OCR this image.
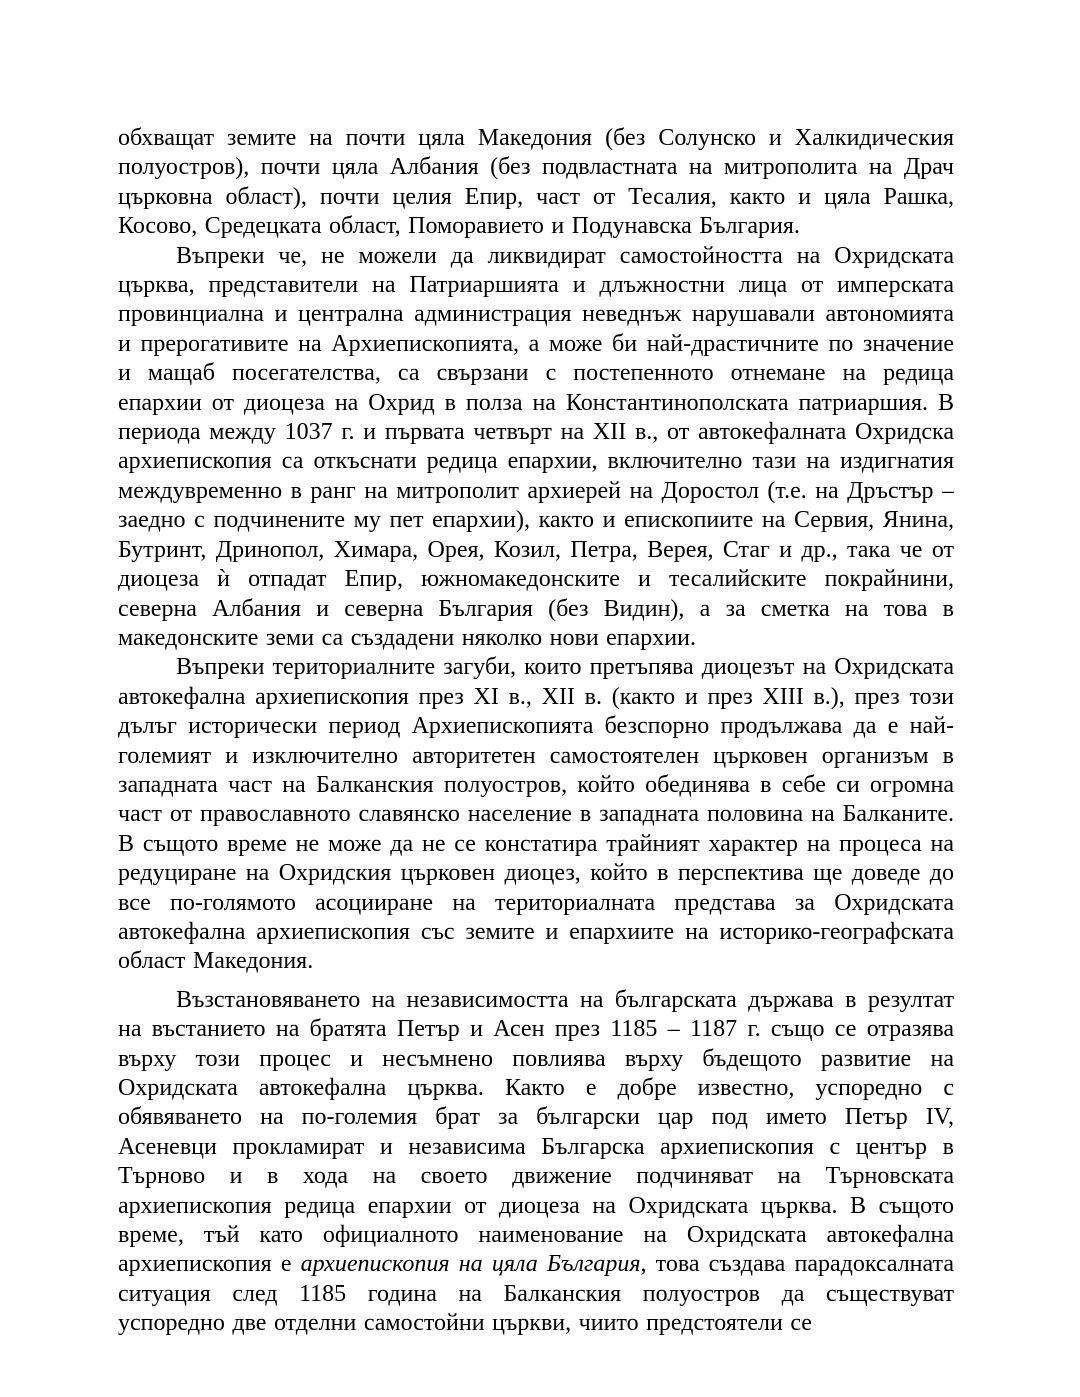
обхващат земите на почти цяла Македония (без Солунско и Халкидическия полуостров), почти цяла Албания (без подвластната на митрополита на Драч църковна област), почти целия Епир, част от Тесалия, както и цяла Рашка, Косово, Средецката област, Поморавието и Подунавска България.

Въпреки че, не можели да ликвидират самостойността на Охридската църква, представители на Патриаршията и длъжностни лица от имперската провинциална и централна администрация неведнъж нарушавали автономията и прерогативите на Архиепископията, а може би най-драстичните по значение и мащаб посегателства, са свързани с постепенното отнемане на редица епархии от диоцеза на Охрид в полза на Константинополската патриаршия. В периода между 1037 г. и първата четвърт на XII в., от автокефалната Охридска архиепископия са откъснати редица епархии, включително тази на издигнатия междувременно в ранг на митрополит архиерей на Доростол (т.е. на Дръстър – заедно с подчинените му пет епархии), както и епископиите на Сервия, Янина, Бутринт, Дринопол, Химара, Орея, Козил, Петра, Верея, Стаг и др., така че от диоцеза ѝ отпадат Епир, южномакедонските и тесалийските покрайнини, северна Албания и северна България (без Видин), а за сметка на това в македонските земи са създадени няколко нови епархии.

Въпреки териториалните загуби, които претъпява диоцезът на Охридската автокефална архиепископия през XI в., XII в. (както и през XIII в.), през този дълъг исторически период Архиепископията безспорно продължава да е най-големият и изключително авторитетен самостоятелен църковен организъм в западната част на Балканския полуостров, който обединява в себе си огромна част от православното славянско население в западната половина на Балканите. В същото време не може да не се констатира трайният характер на процеса на редуциране на Охридския църковен диоцез, който в перспектива ще доведе до все по-голямото асоцииране на териториалната представа за Охридската автокефална архиепископия със земите и епархиите на историко-географската област Македония.

Възстановяването на независимостта на българската държава в резултат на въстанието на братята Петър и Асен през 1185 – 1187 г. също се отразява върху този процес и несъмнено повлиява върху бъдещото развитие на Охридската автокефална църква. Както е добре известно, успоредно с обявяването на по-големия брат за български цар под името Петър IV, Асеневци прокламират и независима Българска архиепископия с център в Търново и в хода на своето движение подчиняват на Търновската архиепископия редица епархии от диоцеза на Охридската църква. В същото време, тъй като официалното наименование на Охридската автокефална архиепископия е архиепископия на цяла България, това създава парадоксалната ситуация след 1185 година на Балканския полуостров да съществуват успоредно две отделни самостойни църкви, чиито предстоятели се
